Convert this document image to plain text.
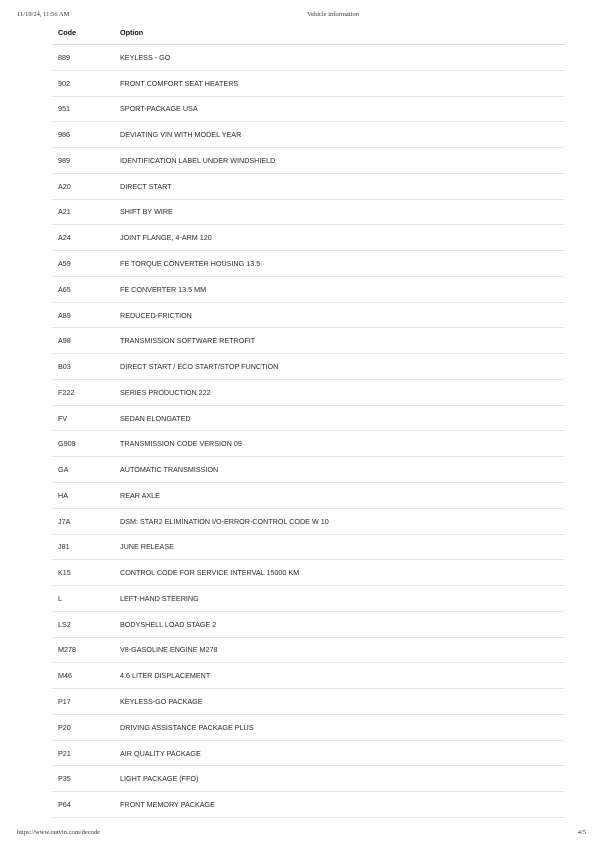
11/19/24, 11:56 AM	Vehicle information
Code	Option
889	KEYLESS - GO
902	FRONT COMFORT SEAT HEATERS
951	SPORT-PACKAGE USA
986	DEVIATING VIN WITH MODEL YEAR
989	IDENTIFICATION LABEL UNDER WINDSHIELD
A20	DIRECT START
A21	SHIFT BY WIRE
A24	JOINT FLANGE, 4-ARM 120
A59	FE TORQUE CONVERTER HOUSING 13.5
A65	FE CONVERTER 13.5 MM
A89	REDUCED-FRICTION
A98	TRANSMISSION SOFTWARE RETROFIT
B03	DIRECT START / ECO START/STOP FUNCTION
F222	SERIES PRODUCTION 222
FV	SEDAN ELONGATED
G909	TRANSMISSION CODE VERSION 09
GA	AUTOMATIC TRANSMISSION
HA	REAR AXLE
J7A	DSM: STAR2 ELIMINATION I/O-ERROR-CONTROL CODE W 10
J81	JUNE RELEASE
K15	CONTROL CODE FOR SERVICE INTERVAL 15000 KM
L	LEFT-HAND STEERING
LS2	BODYSHELL LOAD STAGE 2
M278	V8-GASOLINE ENGINE M278
M46	4.6 LITER DISPLACEMENT
P17	KEYLESS-GO PACKAGE
P20	DRIVING ASSISTANCE PACKAGE PLUS
P21	AIR QUALITY PACKAGE
P35	LIGHT PACKAGE (FFO)
P64	FRONT MEMORY PACKAGE
https://www.outvin.com/decode	4/5
